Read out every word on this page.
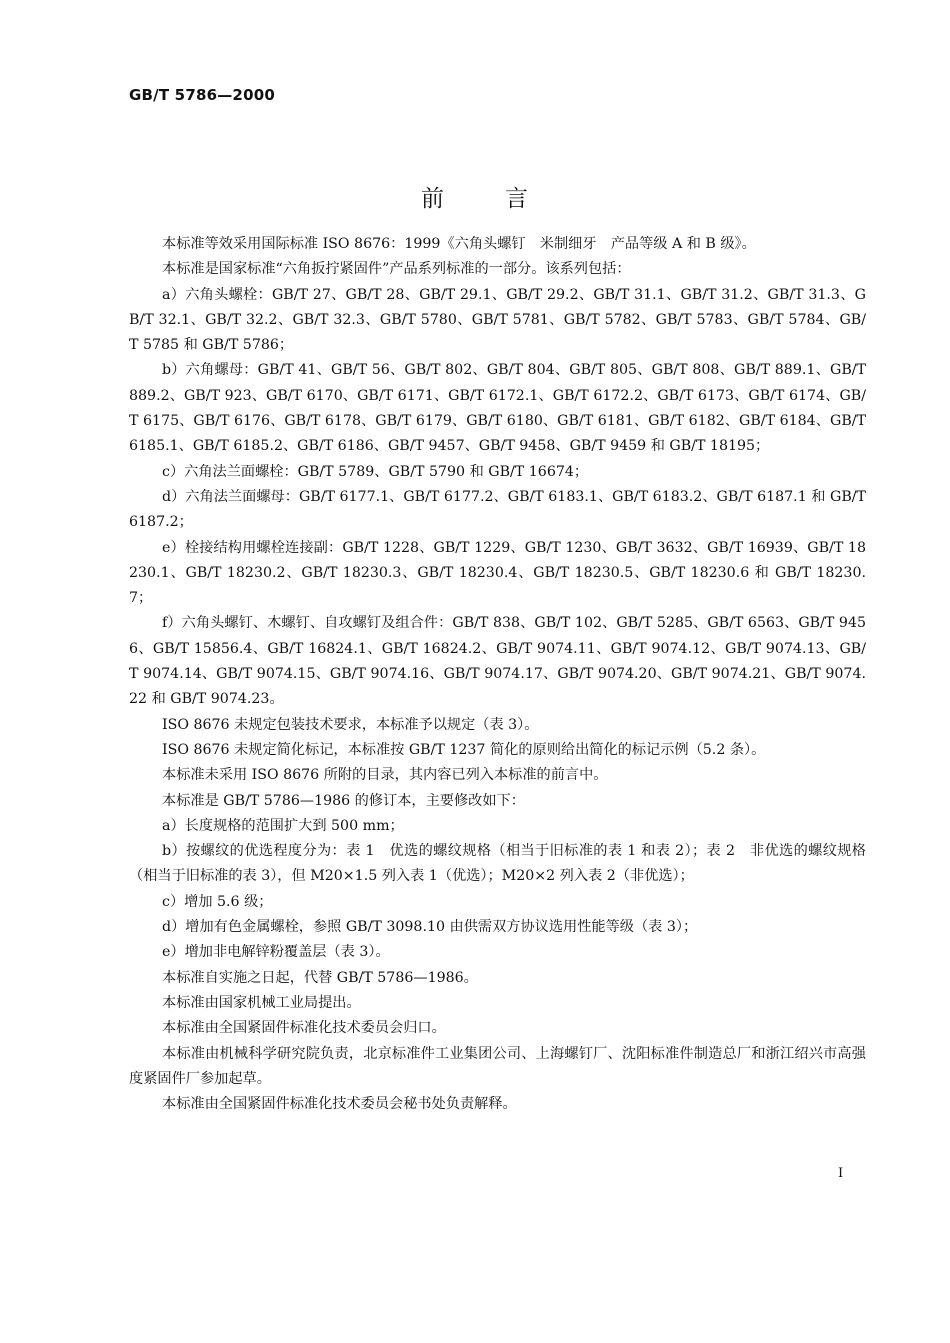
GB/T 5786—2000
前	言

本标准等效采用国际标准 ISO 8676：1999《六角头螺钉　米制细牙　产品等级 A 和 B 级》。

本标准是国家标准“六角扳拧紧固件”产品系列标准的一部分。该系列包括：

a）六角头螺栓：GB/T 27、GB/T 28、GB/T 29.1、GB/T 29.2、GB/T 31.1、GB/T 31.2、GB/T 31.3、GB/T 32.1、GB/T 32.2、GB/T 32.3、GB/T 5780、GB/T 5781、GB/T 5782、GB/T 5783、GB/T 5784、GB/T 5785 和 GB/T 5786；

b）六角螺母：GB/T 41、GB/T 56、GB/T 802、GB/T 804、GB/T 805、GB/T 808、GB/T 889.1、GB/T 889.2、GB/T 923、GB/T 6170、GB/T 6171、GB/T 6172.1、GB/T 6172.2、GB/T 6173、GB/T 6174、GB/T 6175、GB/T 6176、GB/T 6178、GB/T 6179、GB/T 6180、GB/T 6181、GB/T 6182、GB/T 6184、GB/T 6185.1、GB/T 6185.2、GB/T 6186、GB/T 9457、GB/T 9458、GB/T 9459 和 GB/T 18195；

c）六角法兰面螺栓：GB/T 5789、GB/T 5790 和 GB/T 16674；

d）六角法兰面螺母：GB/T 6177.1、GB/T 6177.2、GB/T 6183.1、GB/T 6183.2、GB/T 6187.1 和 GB/T 6187.2；

e）栓接结构用螺栓连接副：GB/T 1228、GB/T 1229、GB/T 1230、GB/T 3632、GB/T 16939、GB/T 18230.1、GB/T 18230.2、GB/T 18230.3、GB/T 18230.4、GB/T 18230.5、GB/T 18230.6 和 GB/T 18230.7；

f）六角头螺钉、木螺钉、自攻螺钉及组合件：GB/T 838、GB/T 102、GB/T 5285、GB/T 6563、GB/T 9456、GB/T 15856.4、GB/T 16824.1、GB/T 16824.2、GB/T 9074.11、GB/T 9074.12、GB/T 9074.13、GB/T 9074.14、GB/T 9074.15、GB/T 9074.16、GB/T 9074.17、GB/T 9074.20、GB/T 9074.21、GB/T 9074.22 和 GB/T 9074.23。

ISO 8676 未规定包装技术要求，本标准予以规定（表 3）。

ISO 8676 未规定简化标记，本标准按 GB/T 1237 简化的原则给出简化的标记示例（5.2 条）。

本标准未采用 ISO 8676 所附的目录，其内容已列入本标准的前言中。

本标准是 GB/T 5786—1986 的修订本，主要修改如下：

a）长度规格的范围扩大到 500 mm；

b）按螺纹的优选程度分为：表 1　优选的螺纹规格（相当于旧标准的表 1 和表 2）；表 2　非优选的螺纹规格（相当于旧标准的表 3），但 M20×1.5 列入表 1（优选）；M20×2 列入表 2（非优选）；

c）增加 5.6 级；

d）增加有色金属螺栓，参照 GB/T 3098.10 由供需双方协议选用性能等级（表 3）；

e）增加非电解锌粉覆盖层（表 3）。

本标准自实施之日起，代替 GB/T 5786—1986。

本标准由国家机械工业局提出。

本标准由全国紧固件标准化技术委员会归口。

本标准由机械科学研究院负责，北京标准件工业集团公司、上海螺钉厂、沈阳标准件制造总厂和浙江绍兴市高强度紧固件厂参加起草。

本标准由全国紧固件标准化技术委员会秘书处负责解释。

I
